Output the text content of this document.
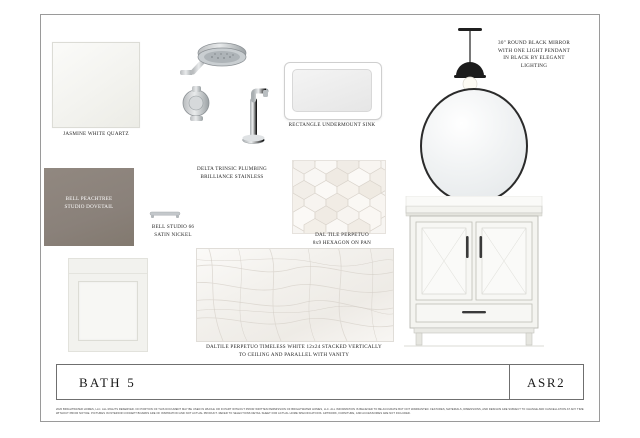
JASMINE WHITE QUARTZ
BELL PEACHTREE
STUDIO DOVETAIL
RECTANGLE UNDERMOUNT SINK
DELTA TRINSIC PLUMBING
BRILLIANCE STAINLESS
BELL STUDIO 66
SATIN NICKEL	DAL TILE PERPETUO
8x9 HEXAGON ON PAN
DALTILE PERPETUO TIMELESS WHITE 12x24 STACKED VERTICALLY
TO CEILING AND PARALLEL WITH VANITY
30" ROUND BLACK MIRROR
WITH ONE LIGHT PENDANT
IN BLACK BY ELEGANT
LIGHTING
BATH 5	ASR2
2020 BRIGHTWATER HOMES, LLC. ALL RIGHTS RESERVED. NO PORTION OF THIS DOCUMENT MAY BE USED IN WHOLE OR IN PART WITHOUT PRIOR WRITTEN PERMISSION OF BRIGHTWATER HOMES, LLC. ALL INFORMATION IS BELIEVED TO BE ACCURATE BUT NOT WARRANTED. FEATURES, MATERIALS, DIMENSIONS, AND DESIGNS ARE SUBJECT TO CHANGE AND CANCELLATION AT ANY TIME WITHOUT PRIOR NOTICE. PICTURES IN INTERIOR CONCEPT BOARDS ARE OF INSPIRATION AND NOT ACTUAL PRODUCT. REFER TO SELECTIONS DETAIL SHEET FOR ACTUAL HOME SPECIFICATIONS. ARTWORK, FURNITURE, AND ACCESSORIES ARE NOT INCLUDED.
